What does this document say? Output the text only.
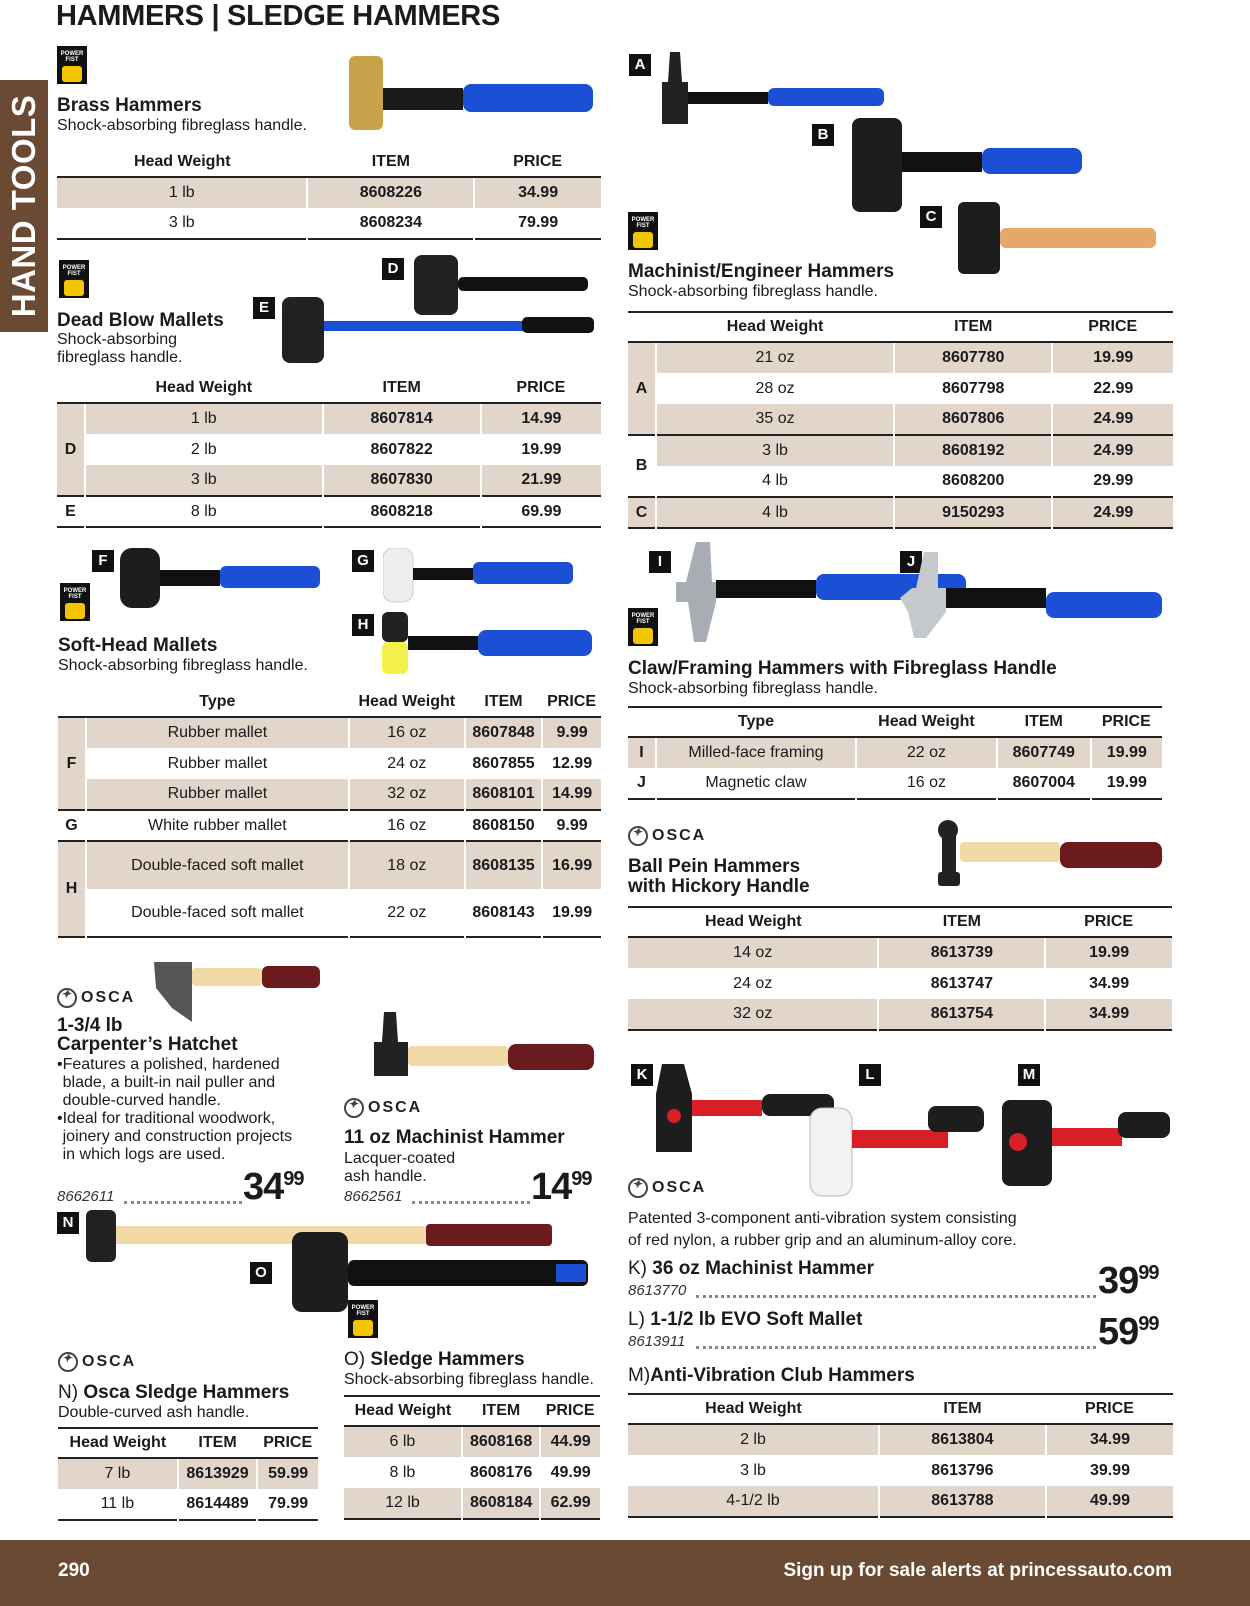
HAMMERS | SLEDGE HAMMERS
HAND TOOLS
POWER
FIST
Brass Hammers
Shock-absorbing fibreglass handle.
Head Weight	ITEM	PRICE
1 lb	8608226	34.99
3 lb	8608234	79.99
POWER
FIST	D
E
Dead Blow Mallets
Shock-absorbing
fibreglass handle.
	Head Weight	ITEM	PRICE
D	1 lb	8607814	14.99
	2 lb	8607822	19.99
	3 lb	8607830	21.99
E	8 lb	8608218	69.99
F	G
H
POWER
FIST
Soft-Head Mallets
Shock-absorbing fibreglass handle.
	Type	Head Weight	ITEM	PRICE
F	Rubber mallet	16 oz	8607848	9.99
	Rubber mallet	24 oz	8607855	12.99
	Rubber mallet	32 oz	8608101	14.99
G	White rubber mallet	16 oz	8608150	9.99
H	Double-faced soft mallet	18 oz	8608135	16.99
	Double-faced soft mallet	22 oz	8608143	19.99
✦
OSCA
1-3/4 lb
Carpenter’s Hatchet
•Features a polished, hardened blade, a built-in nail puller and double-curved handle.
•Ideal for traditional woodwork, joinery and construction projects in which logs are used.
8662611	$34^{99}$
✦
OSCA
11 oz Machinist Hammer
Lacquer-coated
ash handle.
8662561	$14^{99}$
N
O
POWER
FIST
✦
OSCA
N) Osca Sledge Hammers
Double-curved ash handle.
Head Weight	ITEM	PRICE
7 lb	8613929	59.99
11 lb	8614489	79.99
O) Sledge Hammers
Shock-absorbing fibreglass handle.
Head Weight	ITEM	PRICE
6 lb	8608168	44.99
8 lb	8608176	49.99
12 lb	8608184	62.99
A
B
C
POWER
FIST
Machinist/Engineer Hammers
Shock-absorbing fibreglass handle.
	Head Weight	ITEM	PRICE
A	21 oz	8607780	19.99
	28 oz	8607798	22.99
	35 oz	8607806	24.99
B	3 lb	8608192	24.99
	4 lb	8608200	29.99
C	4 lb	9150293	24.99
I	J
POWER
FIST
Claw/Framing Hammers with Fibreglass Handle
Shock-absorbing fibreglass handle.
	Type	Head Weight	ITEM	PRICE
I	Milled-face framing	22 oz	8607749	19.99
J	Magnetic claw	16 oz	8607004	19.99
✦
OSCA
Ball Pein Hammers
with Hickory Handle
Head Weight	ITEM	PRICE
14 oz	8613739	19.99
24 oz	8613747	34.99
32 oz	8613754	34.99
K	L	M
✦
OSCA
Patented 3-component anti-vibration system consisting
of red nylon, a rubber grip and an aluminum-alloy core.
K) 36 oz Machinist Hammer
8613770	$39^{99}$
L) 1-1/2 lb EVO Soft Mallet
8613911	$59^{99}$
M)Anti-Vibration Club Hammers
Head Weight	ITEM	PRICE
2 lb	8613804	34.99
3 lb	8613796	39.99
4-1/2 lb	8613788	49.99
290	Sign up for sale alerts at princessauto.com
